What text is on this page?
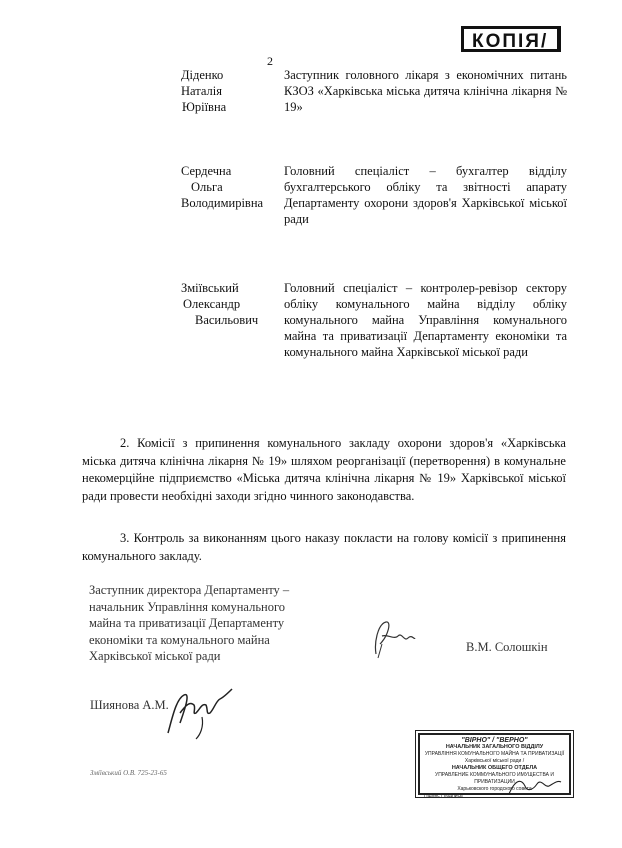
КОПІЯ/
2
Діденко
Наталія
Юріївна

Заступник головного лікаря з економічних питань КЗОЗ «Харківська міська дитяча клінічна лікарня № 19»

Сердечна
Ольга
Володимирівна

Головний спеціаліст – бухгалтер відділу бухгалтерського обліку та звітності апарату Департаменту охорони здоров'я Харківської міської ради

Зміївський
Олександр
Васильович

Головний спеціаліст – контролер-ревізор сектору обліку комунального майна відділу обліку комунального майна Управління комунального майна та приватизації Департаменту економіки та комунального майна Харківської міської ради

2. Комісії з припинення комунального закладу охорони здоров'я «Харківська міська дитяча клінічна лікарня № 19» шляхом реорганізації (перетворення) в комунальне некомерційне підприємство «Міська дитяча клінічна лікарня № 19» Харківської міської ради провести необхідні заходи згідно чинного законодавства.

3. Контроль за виконанням цього наказу покласти на голову комісії з припинення комунального закладу.

Заступник директора Департаменту –
начальник Управління комунального
майна та приватизації Департаменту
економіки та комунального майна
Харківської міської ради
В.М. Солошкін
Шиянова А.М.
Зміївський О.В. 725-23-65
"ВІРНО" / "ВЕРНО"
НАЧАЛЬНИК ЗАГАЛЬНОГО ВІДДІЛУ
УПРАВЛІННЯ КОМУНАЛЬНОГО МАЙНА ТА ПРИВАТИЗАЦІЇ
Харківської міської ради /
НАЧАЛЬНИК ОБЩЕГО ОТДЕЛА
УПРАВЛЕНИЕ КОММУНАЛЬНОГО ИМУЩЕСТВА И ПРИВАТИЗАЦИИ
Харьковского городского совета
Підпис / подпись
